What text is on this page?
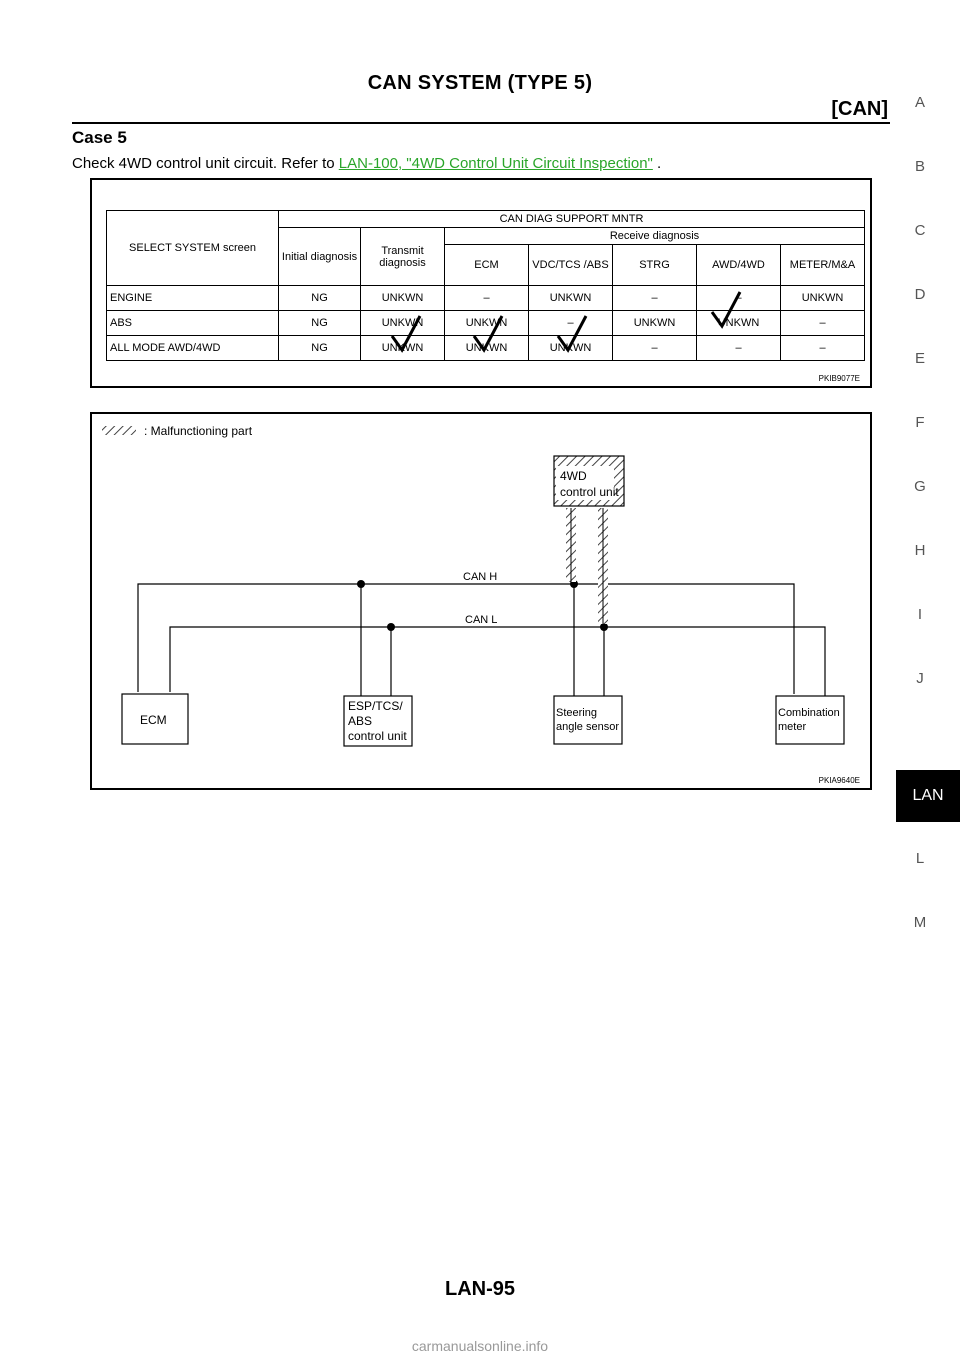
CAN SYSTEM (TYPE 5)
[CAN]
Case 5
Check 4WD control unit circuit. Refer to LAN-100, "4WD Control Unit Circuit Inspection" .
A
B
C
D
E
F
G
H
I
J
LAN
L
M
SELECT SYSTEM screen	CAN DIAG SUPPORT MNTR						
	Initial diagnosis	Transmit diagnosis	Receive diagnosis				
			ECM	VDC/TCS /ABS	STRG	AWD/4WD	METER/M&A
ENGINE	NG	UNKWN	–	UNKWN	–	–	UNKWN
ABS	NG	UNKWN	UNKWN	–	UNKWN	UNKWN	–
ALL MODE AWD/4WD	NG	UNKWN	UNKWN	UNKWN	–	–	–
PKIB9077E
: Malfunctioning part
CAN H
CAN L
4WD
control unit
ECM
ESP/TCS/
ABS
control unit
Steering
angle sensor
Combination
meter
PKIA9640E
LAN-95
carmanualsonline.info
